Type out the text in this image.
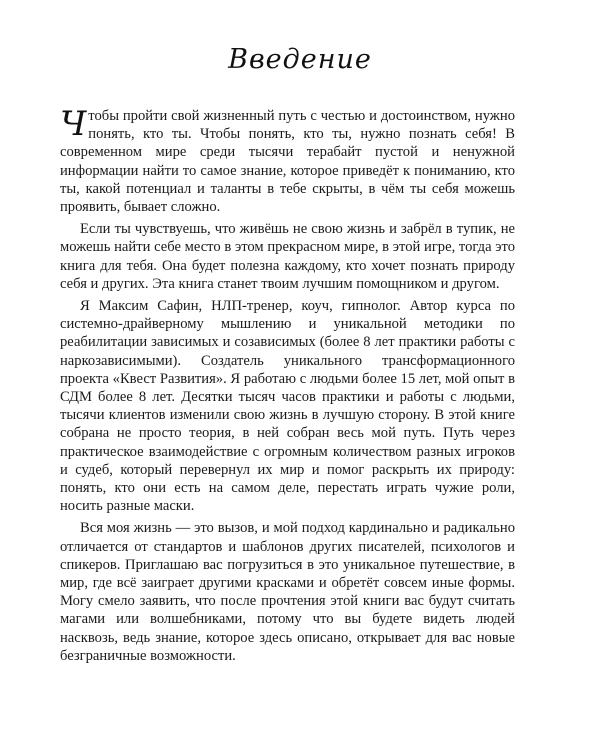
Введение

Чтобы пройти свой жизненный путь с честью и достоинством, нужно понять, кто ты. Чтобы понять, кто ты, нужно познать себя! В современном мире среди тысячи терабайт пустой и ненужной информации найти то самое знание, которое приведёт к пониманию, кто ты, какой потенциал и таланты в тебе скрыты, в чём ты себя можешь проявить, бывает сложно.

Если ты чувствуешь, что живёшь не свою жизнь и забрёл в тупик, не можешь найти себе место в этом прекрасном мире, в этой игре, тогда это книга для тебя. Она будет полезна каждому, кто хочет познать природу себя и других. Эта книга станет твоим лучшим помощником и другом.

Я Максим Сафин, НЛП-тренер, коуч, гипнолог. Автор курса по системно-драйверному мышлению и уникальной методики по реабилитации зависимых и созависимых (более 8 лет практики работы с наркозависимыми). Создатель уникального трансформационного проекта «Квест Развития». Я работаю с людьми более 15 лет, мой опыт в СДМ более 8 лет. Десятки тысяч часов практики и работы с людьми, тысячи клиентов изменили свою жизнь в лучшую сторону. В этой книге собрана не просто теория, в ней собран весь мой путь. Путь через практическое взаимодействие с огромным количеством разных игроков и судеб, который перевернул их мир и помог раскрыть их природу: понять, кто они есть на самом деле, перестать играть чужие роли, носить разные маски.

Вся моя жизнь — это вызов, и мой подход кардинально и радикально отличается от стандартов и шаблонов других писателей, психологов и спикеров. Приглашаю вас погрузиться в это уникальное путешествие, в мир, где всё заиграет другими красками и обретёт совсем иные формы. Могу смело заявить, что после прочтения этой книги вас будут считать магами или волшебниками, потому что вы будете видеть людей насквозь, ведь знание, которое здесь описано, открывает для вас новые безграничные возможности.
